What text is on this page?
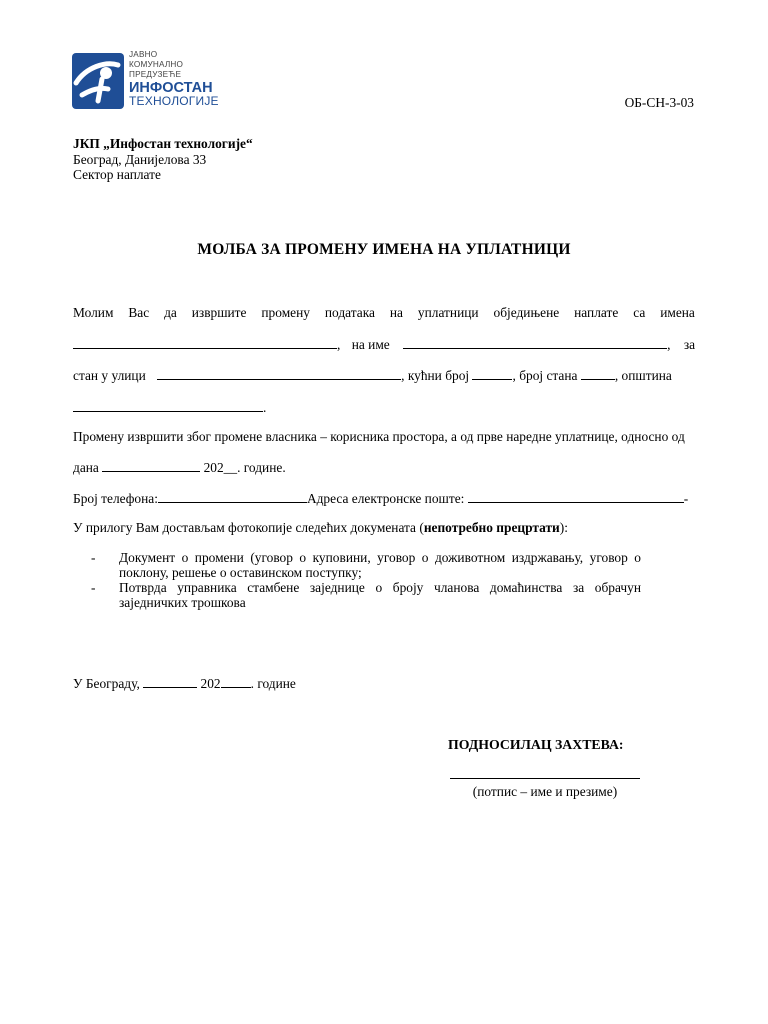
ЈАВНО
КОМУНАЛНО
ПРЕДУЗЕЋЕ
ИНФОСТАН
ТЕХНОЛОГИЈЕ	ОБ-СН-3-03
ЈКП „Инфостан технологије“
Београд, Данијелова 33
Сектор наплате
МОЛБА ЗА ПРОМЕНУ ИМЕНА НА УПЛАТНИЦИ
Молим Вас да извршите промену података на уплатници обједињене наплате са имена
, на име	, за
стан у улици	, кућни број	, број стана	, општина
.
Промену извршити због промене власника – корисника простора, а од прве наредне уплатнице, односно од
дана	202__. године.
Број телефона:	Адреса електронске поште:	-
У прилогу Вам достављам фотокопије следећих докумената (непотребно прецртати):
-	Документ о промени (уговор о куповини, уговор о доживотном издржавању, уговор о поклону, решење о оставинском поступку;
-	Потврда управника стамбене заједнице о броју чланова домаћинства за обрачун заједничких трошкова
У Београду,	202 . године
ПОДНОСИЛАЦ ЗАХТЕВА:
(потпис – име и презиме)
